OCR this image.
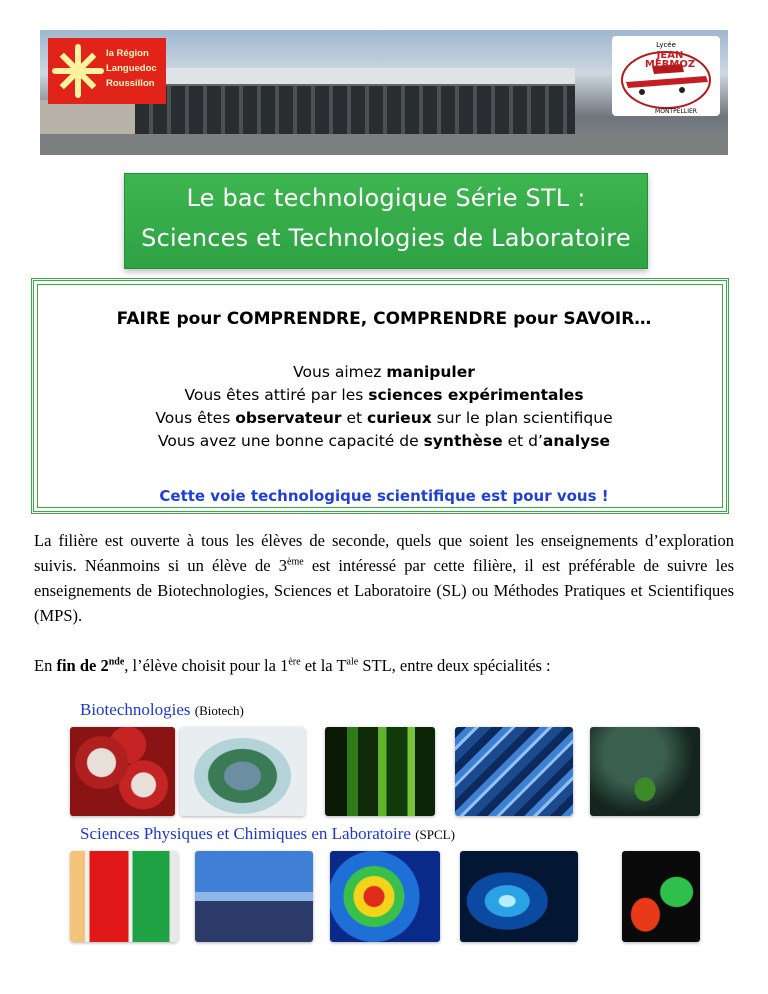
la Région
Languedoc
Roussillon
Lycée
JEAN
MERMOZ
MONTPELLIER
Le bac technologique Série STL :
Sciences et Technologies de Laboratoire
FAIRE pour COMPRENDRE, COMPRENDRE pour SAVOIR…
Vous aimez manipuler
Vous êtes attiré par les sciences expérimentales
Vous êtes observateur et curieux sur le plan scientifique
Vous avez une bonne capacité de synthèse et d’analyse
Cette voie technologique scientifique est pour vous !
La filière est ouverte à tous les élèves de seconde, quels que soient les enseignements d’exploration suivis. Néanmoins si un élève de 3ème est intéressé par cette filière, il est préférable de suivre les enseignements de Biotechnologies, Sciences et Laboratoire (SL) ou Méthodes Pratiques et Scientifiques (MPS).
En fin de 2nde, l’élève choisit pour la 1ère et la $T^{ale}$ STL, entre deux spécialités :
Biotechnologies (Biotech)
Sciences Physiques et Chimiques en Laboratoire (SPCL)
